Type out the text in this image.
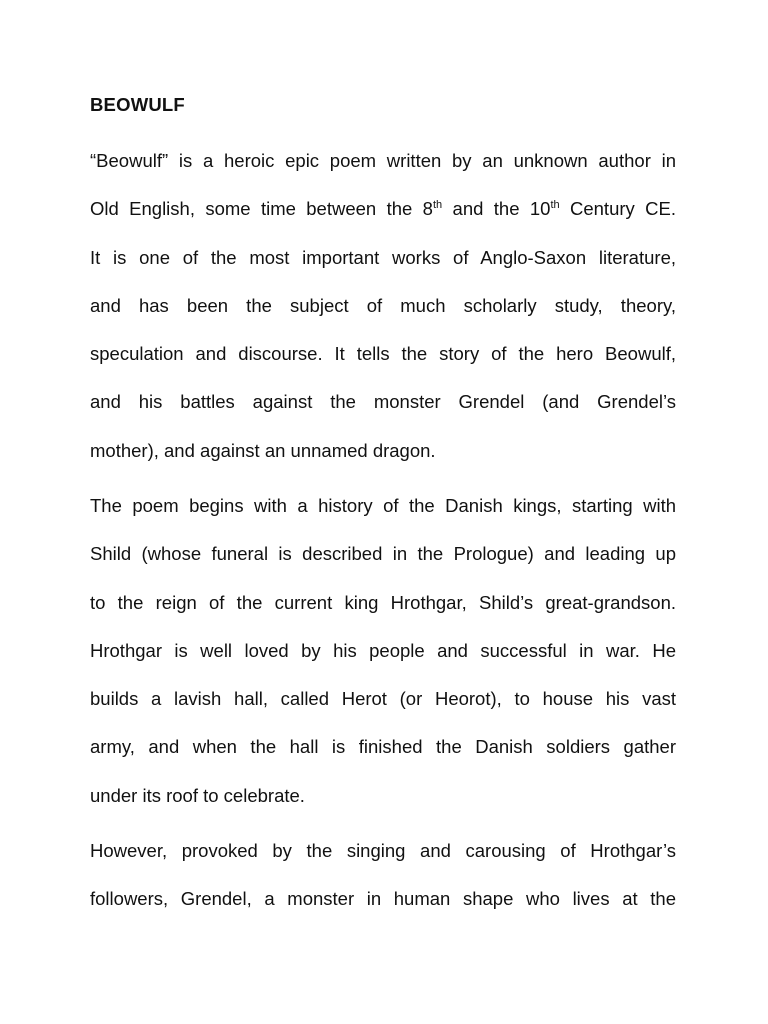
BEOWULF
“Beowulf” is a heroic epic poem written by an unknown author in
Old English, some time between the 8th and the 10th Century CE.
It is one of the most important works of Anglo-Saxon literature,
and has been the subject of much scholarly study, theory,
speculation and discourse. It tells the story of the hero Beowulf,
and his battles against the monster Grendel (and Grendel’s
mother), and against an unnamed dragon.
The poem begins with a history of the Danish kings, starting with
Shild (whose funeral is described in the Prologue) and leading up
to the reign of the current king Hrothgar, Shild’s great-grandson.
Hrothgar is well loved by his people and successful in war. He
builds a lavish hall, called Herot (or Heorot), to house his vast
army, and when the hall is finished the Danish soldiers gather
under its roof to celebrate.
However, provoked by the singing and carousing of Hrothgar’s
followers, Grendel, a monster in human shape who lives at the
